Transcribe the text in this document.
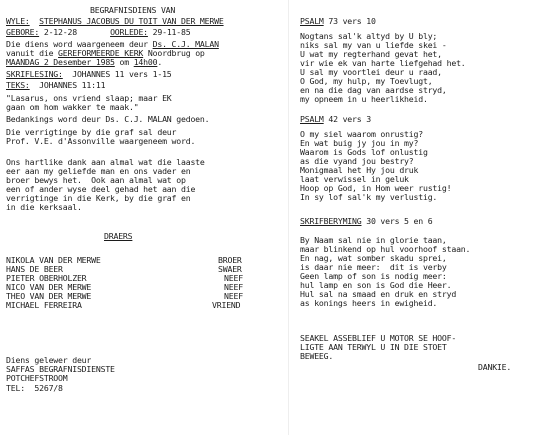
BEGRAFNISDIENS VAN
WYLE: STEPHANUS JACOBUS DU TOIT VAN DER MERWE
GEBORE: 2-12-28	OORLEDE: 29-11-85
Die diens word waargeneem deur Ds. C.J. MALAN
vanuit die GEREFORMEERDE KERK Noordbrug op
MAANDAG 2 Desember 1985 om 14h00.
SKRIFLESING:  JOHANNES 11 vers 1-15
TEKS:  JOHANNES 11:11
"Lasarus, ons vriend slaap; maar EK
gaan om hom wakker te maak."
Bedankings word deur Ds. C.J. MALAN gedoen.
Die verrigtinge by die graf sal deur
Prof. V.E. d'Assonville waargeneem word.
Ons hartlike dank aan almal wat die laaste
eer aan my geliefde man en ons vader en
broer bewys het.  Ook aan almal wat op
een of ander wyse deel gehad het aan die
verrigtinge in die Kerk, by die graf en
in die kerksaal.
DRAERS
NIKOLA VAN DER MERWE	BROER
HANS DE BEER	SWAER
PIETER OBERHOLZER	NEEF
NICO VAN DER MERWE	NEEF
THEO VAN DER MERWE	NEEF
MICHAEL FERREIRA	VRIEND
Diens gelewer deur
SAFFAS BEGRAFNISDIENSTE
POTCHEFSTROOM
TEL:  5267/8
PSALM 73 vers 10
Nogtans sal'k altyd by U bly;
niks sal my van u liefde skei -
U wat my regterhand gevat het,
vir wie ek van harte liefgehad het.
U sal my voortlei deur u raad,
O God, my hulp, my Toevlugt,
en na die dag van aardse stryd,
my opneem in u heerlikheid.
PSALM 42 vers 3
O my siel waarom onrustig?
En wat buig jy jou in my?
Waarom is Gods lof onlustig
as die vyand jou bestry?
Monigmaal het Hy jou druk
laat verwissel in geluk
Hoop op God, in Hom weer rustig!
In sy lof sal'k my verlustig.
SKRIFBERYMING 30 vers 5 en 6
By Naam sal nie in glorie taan,
maar blinkend op hul voorhoof staan.
En nag, wat somber skadu sprei,
is daar nie meer:  dit is verby
Geen lamp of son is nodig meer:
hul lamp en son is God die Heer.
Hul sal na smaad en druk en stryd
as konings heers in ewigheid.
SEAKEL ASSEBLIEF U MOTOR SE HOOF-
LIGTE AAN TERWYL U IN DIE STOET
BEWEEG.
DANKIE.
